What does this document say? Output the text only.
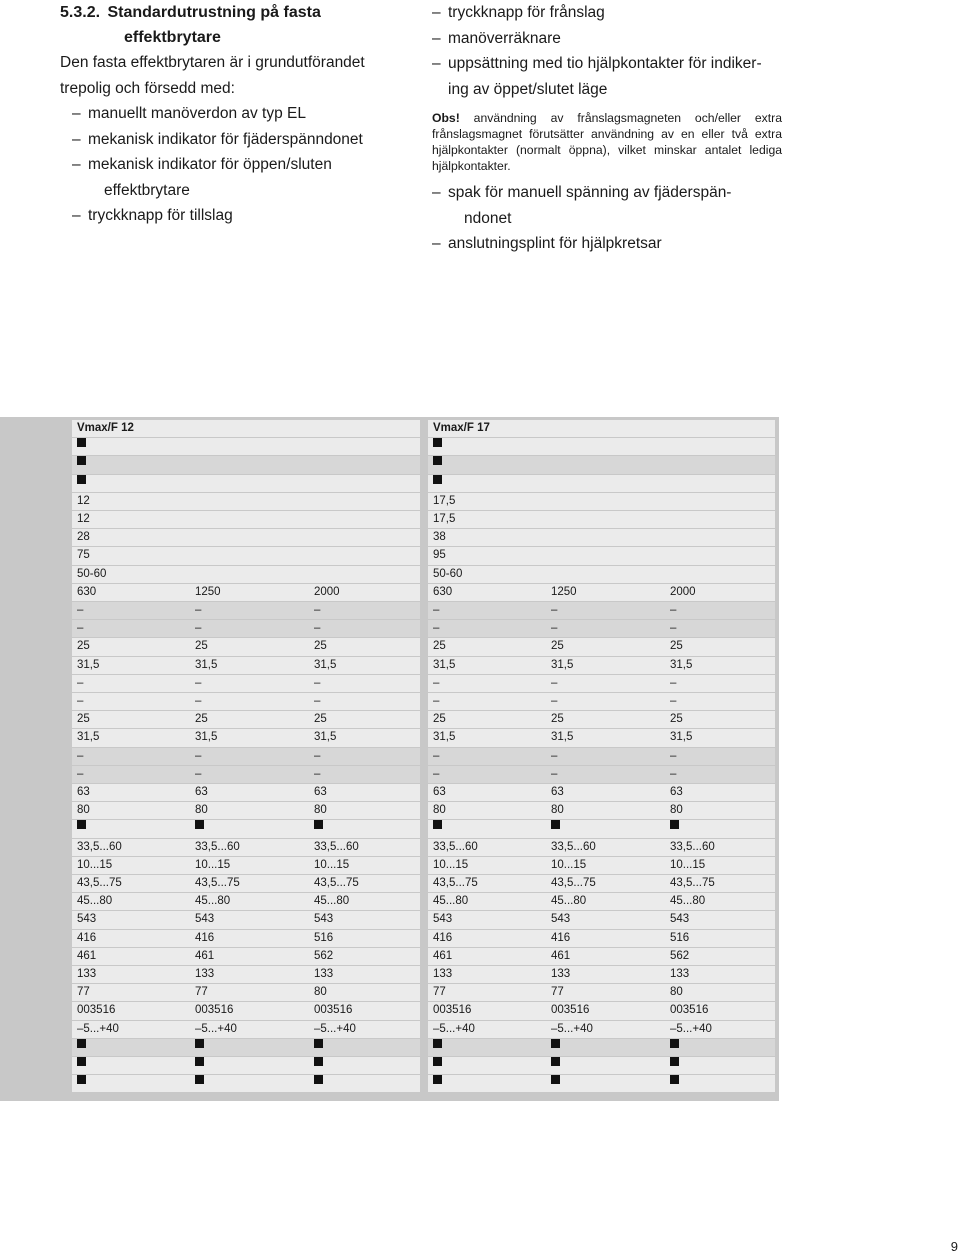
5.3.2. Standardutrustning på fasta
effektbrytare

Den fasta effektbrytaren är i grundutförandet
trepolig och försedd med:

– manuellt manöverdon av typ EL
– mekanisk indikator för fjäderspänndonet
– mekanisk indikator för öppen/sluten
effektbrytare
– tryckknapp för tillslag
– tryckknapp för frånslag
– manöverräknare
– uppsättning med tio hjälpkontakter för indiker-
ing av öppet/slutet läge

Obs! användning av frånslagsmagneten och/eller extra frånslagsmagnet förutsätter användning av en eller två extra hjälpkontakter (normalt öppna), vilket minskar antalet lediga hjälpkontakter.

– spak för manuell spänning av fjäderspän-
ndonet
– anslutningsplint för hjälpkretsar
Vmax/F 12	Vmax/F 17
12	17,5
12	17,5
28	38
75	95
50-60	50-60
630	1250	2000	630	1250	2000
–	–	–	–	–	–
–	–	–	–	–	–
25	25	25	25	25	25
31,5	31,5	31,5	31,5	31,5	31,5
–	–	–	–	–	–
–	–	–	–	–	–
25	25	25	25	25	25
31,5	31,5	31,5	31,5	31,5	31,5
–	–	–	–	–	–
–	–	–	–	–	–
63	63	63	63	63	63
80	80	80	80	80	80
33,5...60	33,5...60	33,5...60	33,5...60	33,5...60	33,5...60
10...15	10...15	10...15	10...15	10...15	10...15
43,5...75	43,5...75	43,5...75	43,5...75	43,5...75	43,5...75
45...80	45...80	45...80	45...80	45...80	45...80
543	543	543	543	543	543
416	416	516	416	416	516
461	461	562	461	461	562
133	133	133	133	133	133
77	77	80	77	77	80
003516	003516	003516	003516	003516	003516
–5...+40	–5...+40	–5...+40	–5...+40	–5...+40	–5...+40
9
